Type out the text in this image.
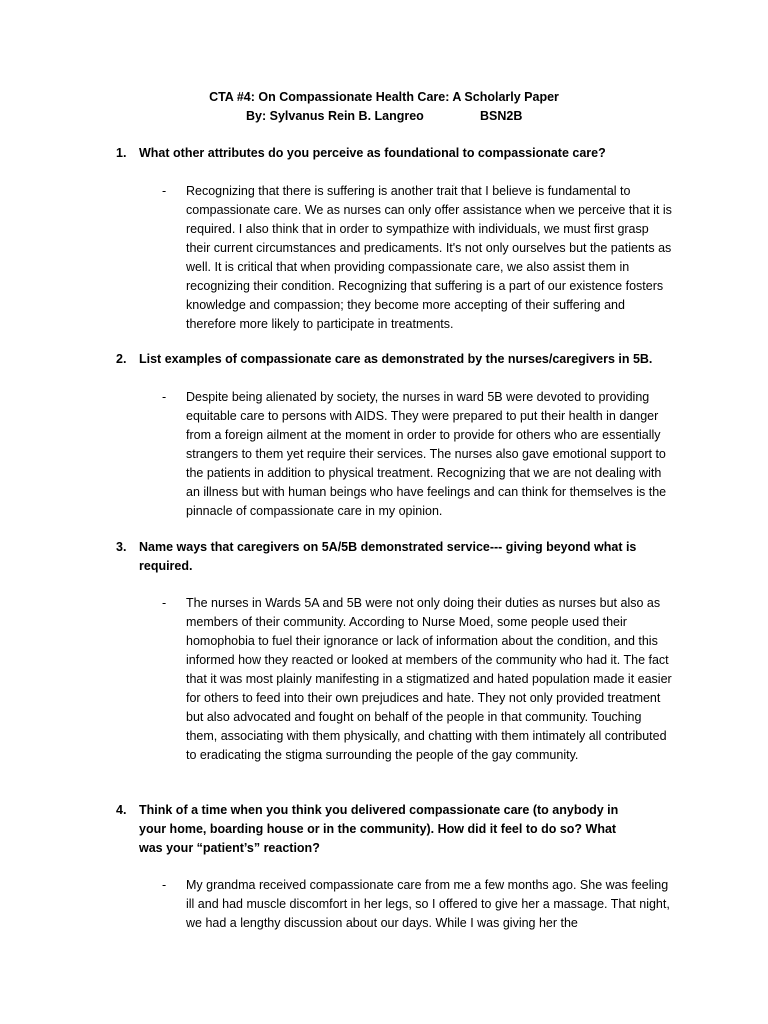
CTA #4: On Compassionate Health Care: A Scholarly Paper
By: Sylvanus Rein B. Langreo	BSN2B
1. What other attributes do you perceive as foundational to compassionate care?
- Recognizing that there is suffering is another trait that I believe is fundamental to compassionate care. We as nurses can only offer assistance when we perceive that it is required. I also think that in order to sympathize with individuals, we must first grasp their current circumstances and predicaments. It's not only ourselves but the patients as well. It is critical that when providing compassionate care, we also assist them in recognizing their condition. Recognizing that suffering is a part of our existence fosters knowledge and compassion; they become more accepting of their suffering and therefore more likely to participate in treatments.
2. List examples of compassionate care as demonstrated by the nurses/caregivers in 5B.
- Despite being alienated by society, the nurses in ward 5B were devoted to providing equitable care to persons with AIDS. They were prepared to put their health in danger from a foreign ailment at the moment in order to provide for others who are essentially strangers to them yet require their services. The nurses also gave emotional support to the patients in addition to physical treatment. Recognizing that we are not dealing with an illness but with human beings who have feelings and can think for themselves is the pinnacle of compassionate care in my opinion.
3. Name ways that caregivers on 5A/5B demonstrated service--- giving beyond what is required.
- The nurses in Wards 5A and 5B were not only doing their duties as nurses but also as members of their community. According to Nurse Moed, some people used their homophobia to fuel their ignorance or lack of information about the condition, and this informed how they reacted or looked at members of the community who had it. The fact that it was most plainly manifesting in a stigmatized and hated population made it easier for others to feed into their own prejudices and hate. They not only provided treatment but also advocated and fought on behalf of the people in that community. Touching them, associating with them physically, and chatting with them intimately all contributed to eradicating the stigma surrounding the people of the gay community.
4. Think of a time when you think you delivered compassionate care (to anybody in your home, boarding house or in the community). How did it feel to do so? What was your “patient’s” reaction?
- My grandma received compassionate care from me a few months ago. She was feeling ill and had muscle discomfort in her legs, so I offered to give her a massage. That night, we had a lengthy discussion about our days. While I was giving her the
